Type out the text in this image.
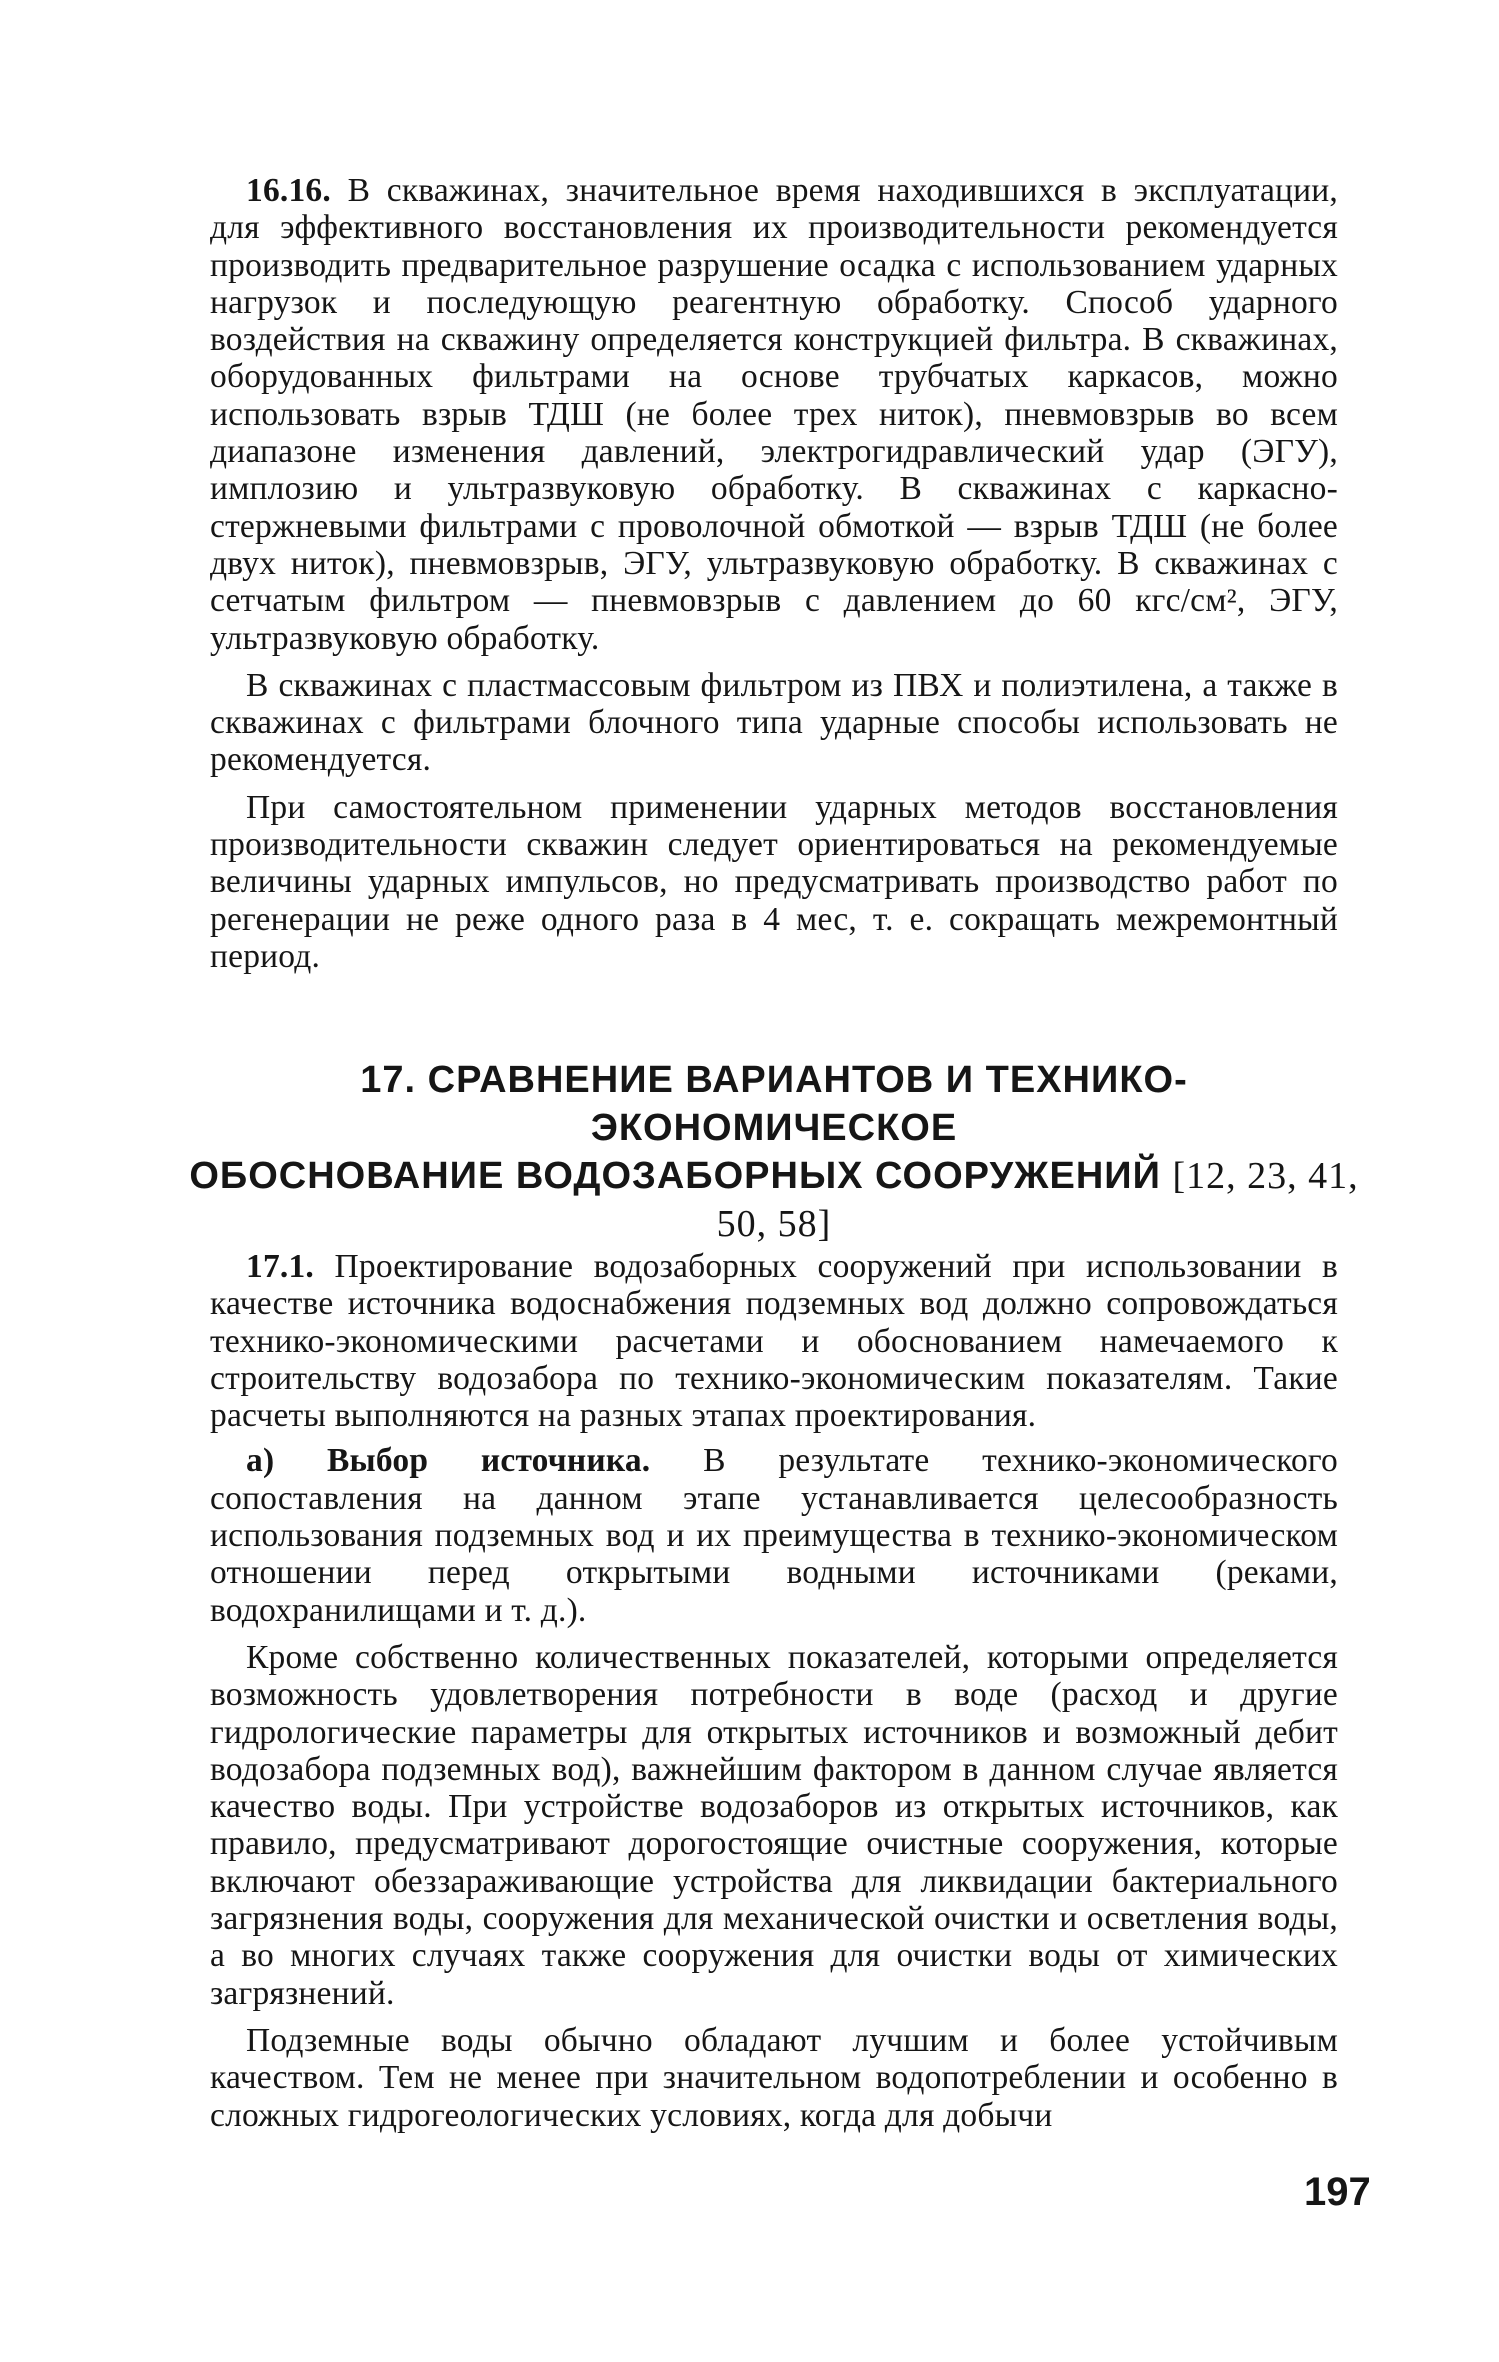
16.16. В скважинах, значительное время находившихся в эксплуатации, для эффективного восстановления их производительности рекомендуется производить предварительное разрушение осадка с использованием ударных нагрузок и последующую реагентную обработку. Способ ударного воздействия на скважину определяется конструкцией фильтра. В скважинах, оборудованных фильтрами на основе трубчатых каркасов, можно использовать взрыв ТДШ (не более трех ниток), пневмовзрыв во всем диапазоне изменения давлений, электрогидравлический удар (ЭГУ), имплозию и ультразвуковую обработку. В скважинах с каркасно-стержневыми фильтрами с проволочной обмоткой — взрыв ТДШ (не более двух ниток), пневмовзрыв, ЭГУ, ультразвуковую обработку. В скважинах с сетчатым фильтром — пневмовзрыв с давлением до 60 кгс/см², ЭГУ, ультразвуковую обработку.

В скважинах с пластмассовым фильтром из ПВХ и полиэтилена, а также в скважинах с фильтрами блочного типа ударные способы использовать не рекомендуется.

При самостоятельном применении ударных методов восстановления производительности скважин следует ориентироваться на рекомендуемые величины ударных импульсов, но предусматривать производство работ по регенерации не реже одного раза в 4 мес, т. е. сокращать межремонтный период.

17. СРАВНЕНИЕ ВАРИАНТОВ И ТЕХНИКО-ЭКОНОМИЧЕСКОЕ
ОБОСНОВАНИЕ ВОДОЗАБОРНЫХ СООРУЖЕНИЙ [12, 23, 41,
50, 58]

17.1. Проектирование водозаборных сооружений при использовании в качестве источника водоснабжения подземных вод должно сопровождаться технико-экономическими расчетами и обоснованием намечаемого к строительству водозабора по технико-экономическим показателям. Такие расчеты выполняются на разных этапах проектирования.

а) Выбор источника. В результате технико-экономического сопоставления на данном этапе устанавливается целесообразность использования подземных вод и их преимущества в технико-экономическом отношении перед открытыми водными источниками (реками, водохранилищами и т. д.).

Кроме собственно количественных показателей, которыми определяется возможность удовлетворения потребности в воде (расход и другие гидрологические параметры для открытых источников и возможный дебит водозабора подземных вод), важнейшим фактором в данном случае является качество воды. При устройстве водозаборов из открытых источников, как правило, предусматривают дорогостоящие очистные сооружения, которые включают обеззараживающие устройства для ликвидации бактериального загрязнения воды, сооружения для механической очистки и осветления воды, а во многих случаях также сооружения для очистки воды от химических загрязнений.

Подземные воды обычно обладают лучшим и более устойчивым качеством. Тем не менее при значительном водопотреблении и особенно в сложных гидрогеологических условиях, когда для добычи

197
